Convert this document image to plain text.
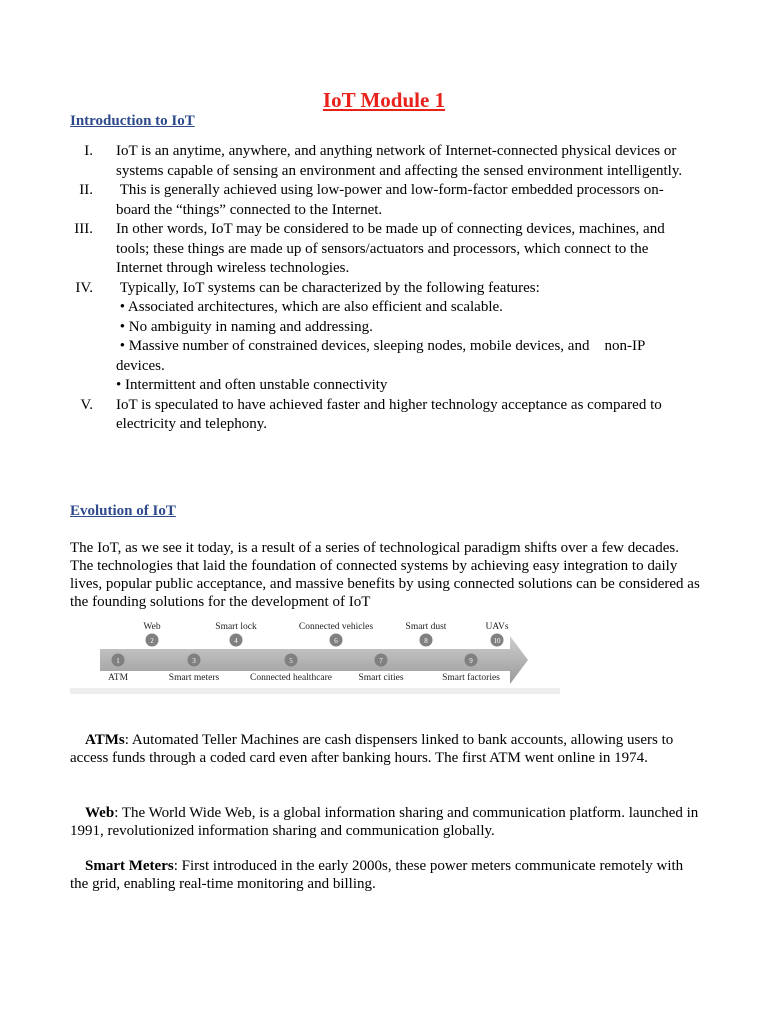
IoT Module 1
Introduction to IoT
I. IoT is an anytime, anywhere, and anything network of Internet-connected physical devices or systems capable of sensing an environment and affecting the sensed environment intelligently.
II. This is generally achieved using low-power and low-form-factor embedded processors on-board the “things” connected to the Internet.
III. In other words, IoT may be considered to be made up of connecting devices, machines, and tools; these things are made up of sensors/actuators and processors, which connect to the Internet through wireless technologies.
IV. Typically, IoT systems can be characterized by the following features:
• Associated architectures, which are also efficient and scalable.
• No ambiguity in naming and addressing.
• Massive number of constrained devices, sleeping nodes, mobile devices, and    non-IP devices.
• Intermittent and often unstable connectivity
V. IoT is speculated to have achieved faster and higher technology acceptance as compared to electricity and telephony.
Evolution of IoT
The IoT, as we see it today, is a result of a series of technological paradigm shifts over a few decades. The technologies that laid the foundation of connected systems by achieving easy integration to daily lives, popular public acceptance, and massive benefits by using connected solutions can be considered as the founding solutions for the development of IoT
1
ATM
2
Web
3
Smart meters
4
Smart lock
5
Connected healthcare
6
Connected vehicles
7
Smart cities
8
Smart dust
9
Smart factories
10
UAVs
ATMs: Automated Teller Machines are cash dispensers linked to bank accounts, allowing users to access funds through a coded card even after banking hours. The first ATM went online in 1974.
Web: The World Wide Web, is a global information sharing and communication platform. launched in 1991, revolutionized information sharing and communication globally.
Smart Meters: First introduced in the early 2000s, these power meters communicate remotely with the grid, enabling real-time monitoring and billing.
